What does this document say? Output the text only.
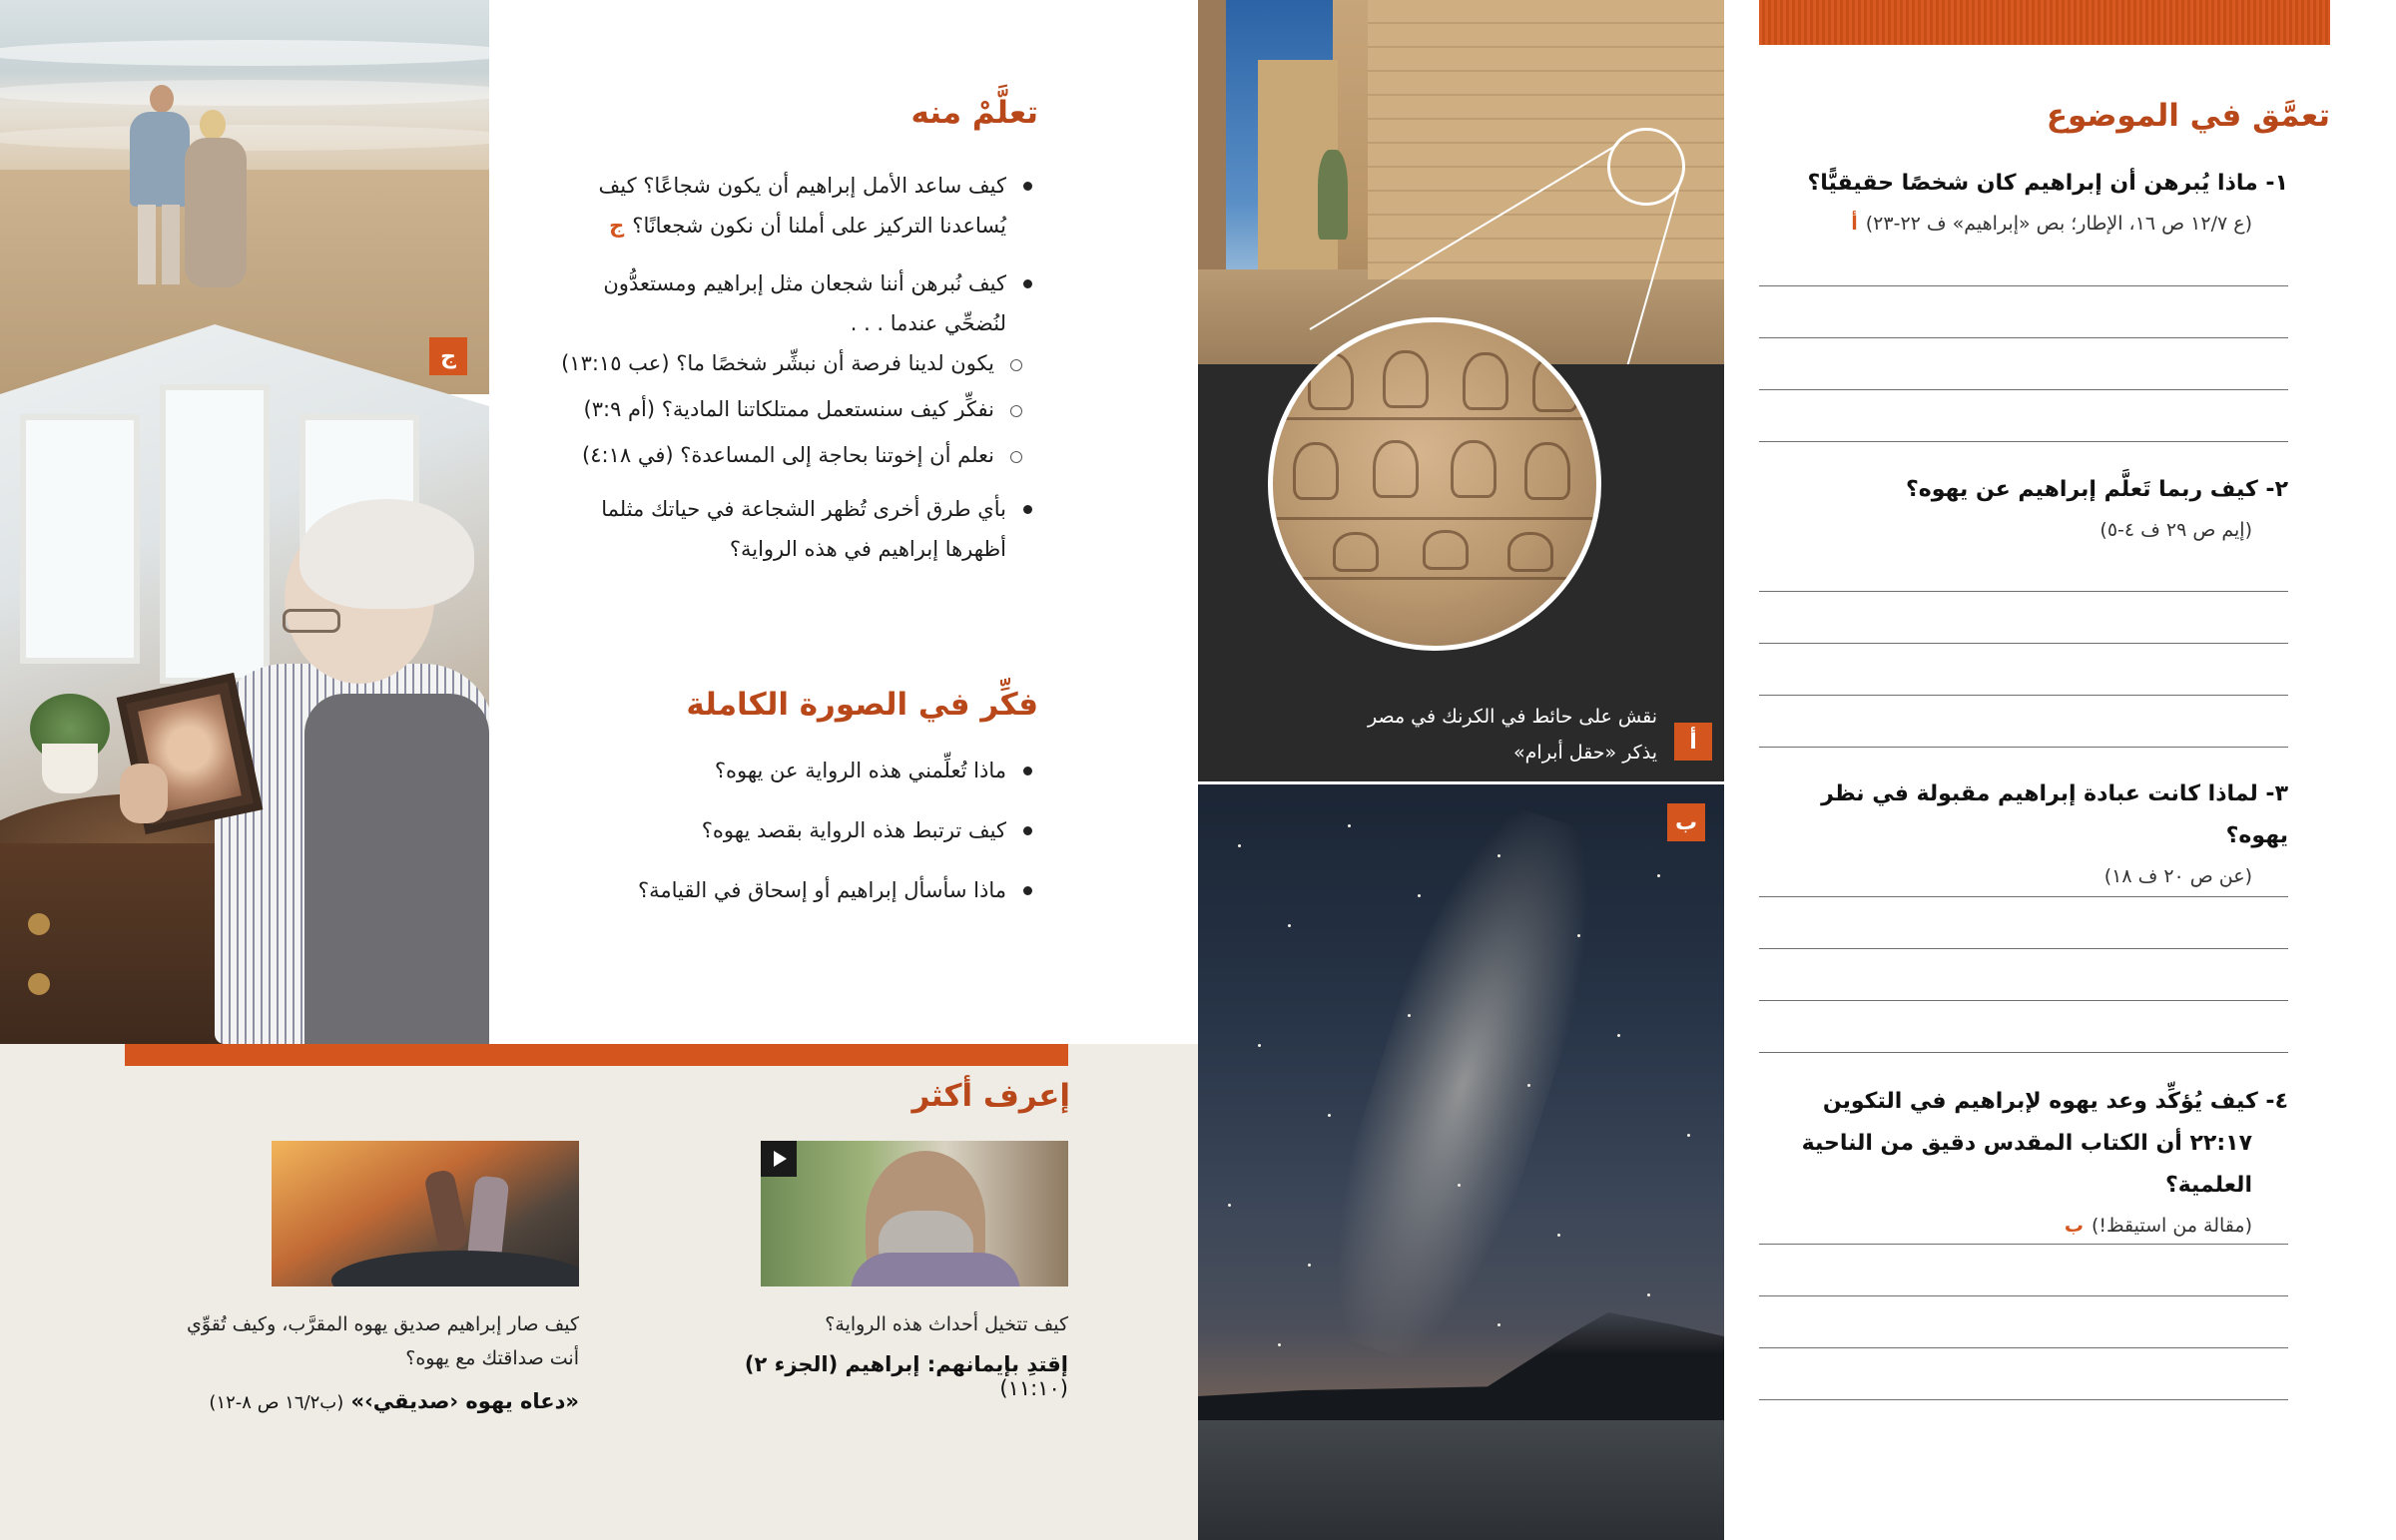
ج
تعلَّمْ منه
كيف ساعد الأمل إبراهيم أن يكون شجاعًا؟ كيف يُساعدنا التركيز على أملنا أن نكون شجعانًا؟ج
كيف نُبرهن أننا شجعان مثل إبراهيم ومستعدُّون لنُضحِّي عندما . . .
يكون لدينا فرصة أن نبشِّر شخصًا ما؟ (عب ١٣:١٥)
نفكِّر كيف سنستعمل ممتلكاتنا المادية؟ (أم ٣:٩)
نعلم أن إخوتنا بحاجة إلى المساعدة؟ (في ٤:١٨)
بأي طرق أخرى تُظهر الشجاعة في حياتك مثلما أظهرها إبراهيم في هذه الرواية؟
فكِّر في الصورة الكاملة
ماذا تُعلِّمني هذه الرواية عن يهوه؟
كيف ترتبط هذه الرواية بقصد يهوه؟
ماذا سأسأل إبراهيم أو إسحاق في القيامة؟
إعرف أكثر
كيف تتخيل أحداث هذه الرواية؟
إقتدِ بإيمانهم: إبراهيم (الجزء ٢) (١١:١٠)
كيف صار إبراهيم صديق يهوه المقرَّب، وكيف تُقوِّي أنت صداقتك مع يهوه؟
«دعاه يهوه ‹صديقي›» (ب١٦/٢ ص ٨-١٢)
نقش على حائط في الكرنك في مصر
يذكر «حقل أبرام»	أ
ب
تعمَّق في الموضوع
١- ماذا يُبرهن أن إبراهيم كان شخصًا حقيقيًّا؟
(ع ١٢/٧ ص ١٦، الإطار؛ بص «إبراهيم» ف ٢٢-٢٣)أ
٢- كيف ربما تَعلَّم إبراهيم عن يهوه؟
(إيم ص ٢٩ ف ٤-٥)
٣- لماذا كانت عبادة إبراهيم مقبولة في نظر يهوه؟
(عن ص ٢٠ ف ١٨)
٤- كيف يُؤكِّد وعد يهوه لإبراهيم في التكوين ٢٢:١٧ أن الكتاب المقدس دقيق من الناحية العلمية؟
(مقالة من استيقظ!)ب
